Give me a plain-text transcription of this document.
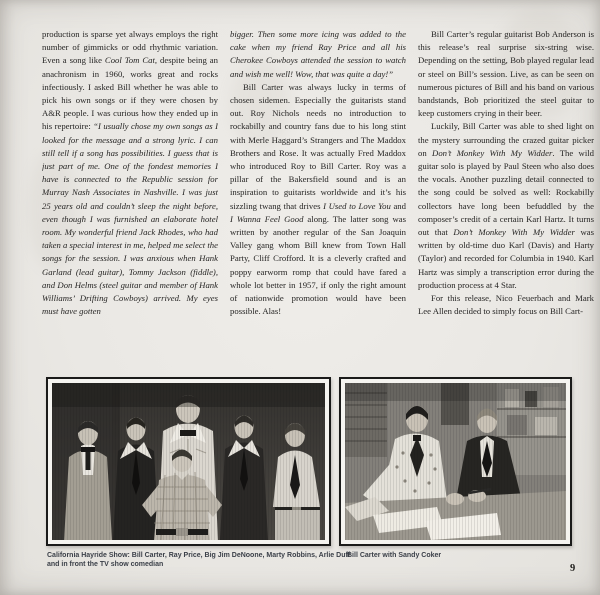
production is sparse yet always employs the right number of gimmicks or odd rhythmic variation. Even a song like Cool Tom Cat, despite being an anachronism in 1960, works great and rocks infectiously. I asked Bill whether he was able to pick his own songs or if they were chosen by A&R people. I was curious how they ended up in his repertoire: “I usually chose my own songs as I looked for the message and a strong lyric. I can still tell if a song has possibilities. I guess that is just part of me. One of the fondest memories I have is connected to the Republic session for Murray Nash Associates in Nashville. I was just 25 years old and couldn’t sleep the night before, even though I was furnished an elaborate hotel room. My wonderful friend Jack Rhodes, who had taken a special interest in me, helped me select the songs for the session. I was anxious when Hank Garland (lead guitar), Tommy Jackson (fiddle), and Don Helms (steel guitar and member of Hank Williams’ Drifting Cowboys) arrived. My eyes must have gotten

bigger. Then some more icing was added to the cake when my friend Ray Price and all his Cherokee Cowboys attended the session to watch and wish me well! Wow, that was quite a day!”

Bill Carter was always lucky in terms of chosen sidemen. Especially the guitarists stand out. Roy Nichols needs no introduction to rockabilly and country fans due to his long stint with Merle Haggard’s Strangers and The Maddox Brothers and Rose. It was actually Fred Maddox who introduced Roy to Bill Carter. Roy was a pillar of the Bakersfield sound and is an inspiration to guitarists worldwide and it’s his sizzling twang that drives I Used to Love You and I Wanna Feel Good along. The latter song was written by another regular of the San Joaquin Valley gang whom Bill knew from Town Hall Party, Cliff Crofford. It is a cleverly crafted and poppy earworm romp that could have fared a whole lot better in 1957, if only the right amount of nationwide promotion would have been possible. Alas!

Bill Carter’s regular guitarist Bob Anderson is this release’s real surprise six-string wise. Depending on the setting, Bob played regular lead or steel on Bill’s session. Live, as can be seen on numerous pictures of Bill and his band on various bandstands, Bob prioritized the steel guitar to keep customers crying in their beer.

Luckily, Bill Carter was able to shed light on the mystery surrounding the crazed guitar picker on Don’t Monkey With My Widder. The wild guitar solo is played by Paul Steen who also does the vocals. Another puzzling detail connected to the song could be solved as well: Rockabilly collectors have long been befuddled by the composer’s credit of a certain Karl Hartz. It turns out that Don’t Monkey With My Widder was written by old-time duo Karl (Davis) and Harty (Taylor) and recorded for Columbia in 1940. Karl Hartz was simply a transcription error during the production process at 4 Star.

For this release, Nico Feuerbach and Mark Lee Allen decided to simply focus on Bill Cart-

California Hayride Show: Bill Carter, Ray Price, Big Jim DeNoone, Marty Robbins, Arlie Duff and in front the TV show comedian
Bill Carter with Sandy Coker
9
